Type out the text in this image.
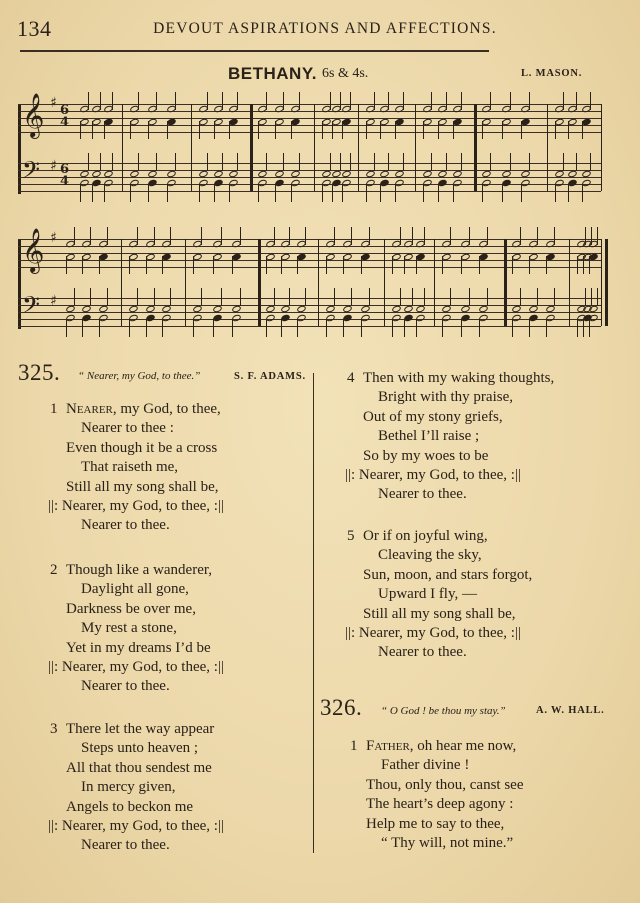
134	DEVOUT ASPIRATIONS AND AFFECTIONS.
BETHANY. 6s & 4s.	L. MASON.
𝄞 ♯ 6
4
𝄢 ♯ 6
4
𝄞 ♯
𝄢 ♯
325. “ Nearer, my God, to thee.”	S. F. ADAMS.
1 Nearer, my God, to thee,
Nearer to thee :
Even though it be a cross
That raiseth me,
Still all my song shall be,
||: Nearer, my God, to thee, :||
Nearer to thee.
2 Though like a wanderer,
Daylight all gone,
Darkness be over me,
My rest a stone,
Yet in my dreams I’d be
||: Nearer, my God, to thee, :||
Nearer to thee.
3 There let the way appear
Steps unto heaven ;
All that thou sendest me
In mercy given,
Angels to beckon me
||: Nearer, my God, to thee, :||
Nearer to thee.
4 Then with my waking thoughts,
Bright with thy praise,
Out of my stony griefs,
Bethel I’ll raise ;
So by my woes to be
||: Nearer, my God, to thee, :||
Nearer to thee.
5 Or if on joyful wing,
Cleaving the sky,
Sun, moon, and stars forgot,
Upward I fly, —
Still all my song shall be,
||: Nearer, my God, to thee, :||
Nearer to thee.
1 Father, oh hear me now,
Father divine !
Thou, only thou, canst see
The heart’s deep agony :
Help me to say to thee,
“ Thy will, not mine.”
326. “ O God ! be thou my stay.”	A. W. HALL.
